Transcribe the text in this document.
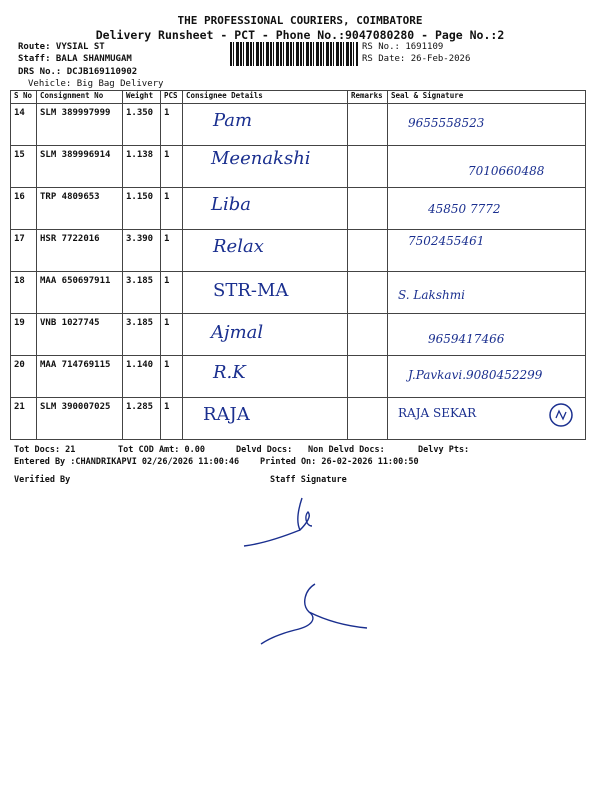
THE PROFESSIONAL COURIERS, COIMBATORE
Delivery Runsheet - PCT - Phone No.:9047080280 - Page No.:2
Route: VYSIAL ST
Staff: BALA SHANMUGAM
DRS No.: DCJB169110902
Vehicle: Big Bag Delivery
RS No.: 1691109
RS Date: 26-Feb-2026
S No	Consignment No	Weight	PCS	Consignee Details	Remarks	Seal & Signature
14	SLM 389997999	1.350	1	Pam		9655558523

15	SLM 389996914	1.138	1	Meenakshi		7010660488

16	TRP 4809653	1.150	1	Liba		45850 7772

17	HSR 7722016	3.390	1	Relax		7502455461

18	MAA 650697911	3.185	1	STR-MA		S. Lakshmi

19	VNB 1027745	3.185	1	Ajmal		9659417466

20	MAA 714769115	1.140	1	R.K		J.Pavkavi.9080452299

21	SLM 390007025	1.285	1	RAJA		RAJA SEKAR
Tot Docs: 21	Tot COD Amt: 0.00	Delvd Docs: Non Delvd Docs:	Delvy Pts:
Entered By :CHANDRIKAPVI 02/26/2026 11:00:46 Printed On: 26-02-2026 11:00:50
Verified By	Staff Signature
